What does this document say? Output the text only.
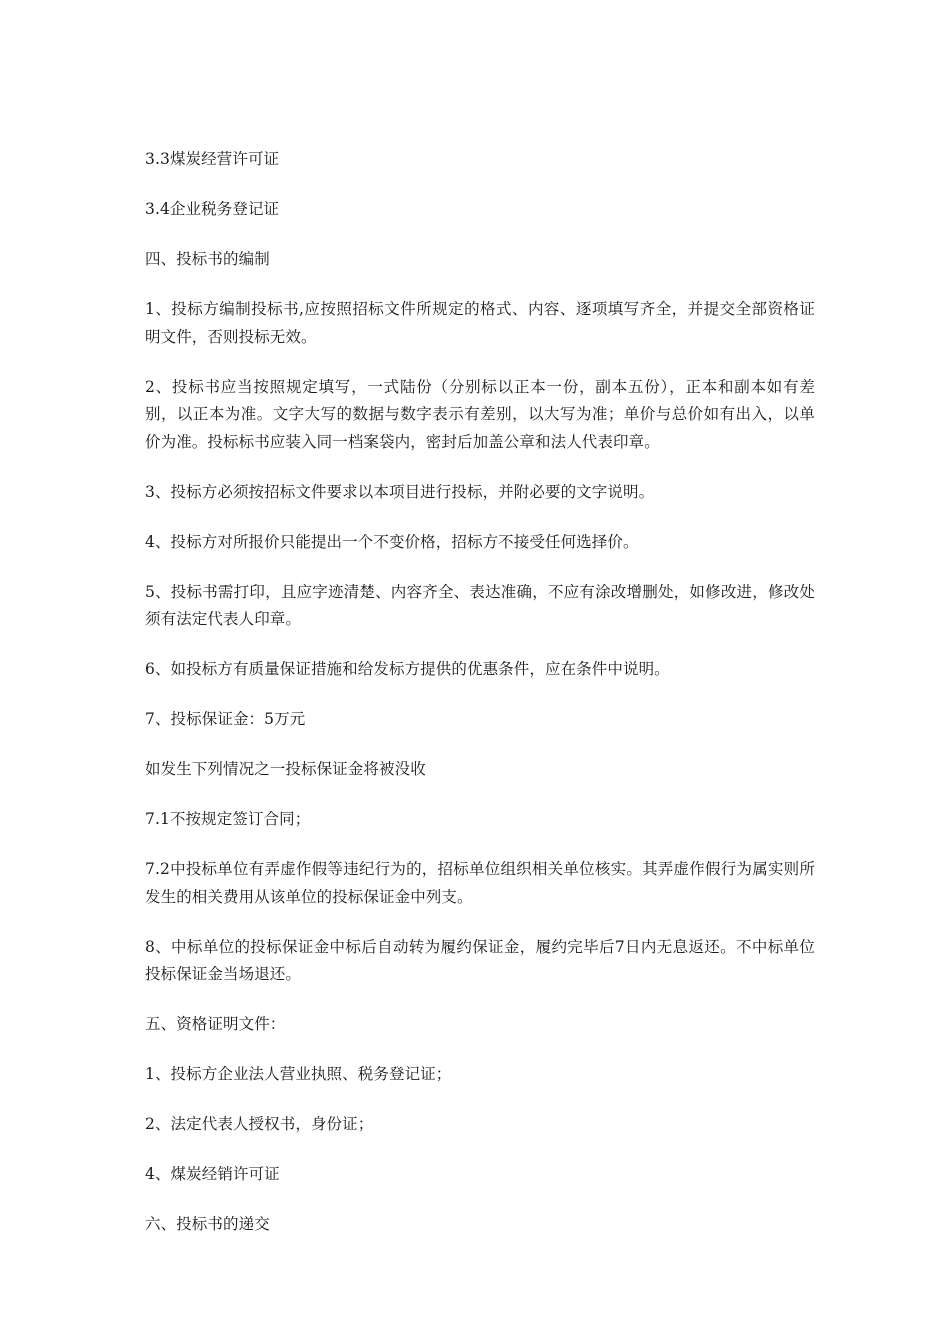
3.3煤炭经营许可证

3.4企业税务登记证

四、投标书的编制

1、投标方编制投标书,应按照招标文件所规定的格式、内容、逐项填写齐全，并提交全部资格证明文件，否则投标无效。

2、投标书应当按照规定填写，一式陆份（分别标以正本一份，副本五份），正本和副本如有差别，以正本为准。文字大写的数据与数字表示有差别，以大写为准；单价与总价如有出入，以单价为准。投标标书应装入同一档案袋内，密封后加盖公章和法人代表印章。

3、投标方必须按招标文件要求以本项目进行投标，并附必要的文字说明。

4、投标方对所报价只能提出一个不变价格，招标方不接受任何选择价。

5、投标书需打印，且应字迹清楚、内容齐全、表达准确，不应有涂改增删处，如修改进，修改处须有法定代表人印章。

6、如投标方有质量保证措施和给发标方提供的优惠条件，应在条件中说明。

7、投标保证金：5万元

如发生下列情况之一投标保证金将被没收

7.1不按规定签订合同；

7.2中投标单位有弄虚作假等违纪行为的，招标单位组织相关单位核实。其弄虚作假行为属实则所发生的相关费用从该单位的投标保证金中列支。

8、中标单位的投标保证金中标后自动转为履约保证金，履约完毕后7日内无息返还。不中标单位投标保证金当场退还。

五、资格证明文件：

1、投标方企业法人营业执照、税务登记证；

2、法定代表人授权书，身份证；

4、煤炭经销许可证

六、投标书的递交
